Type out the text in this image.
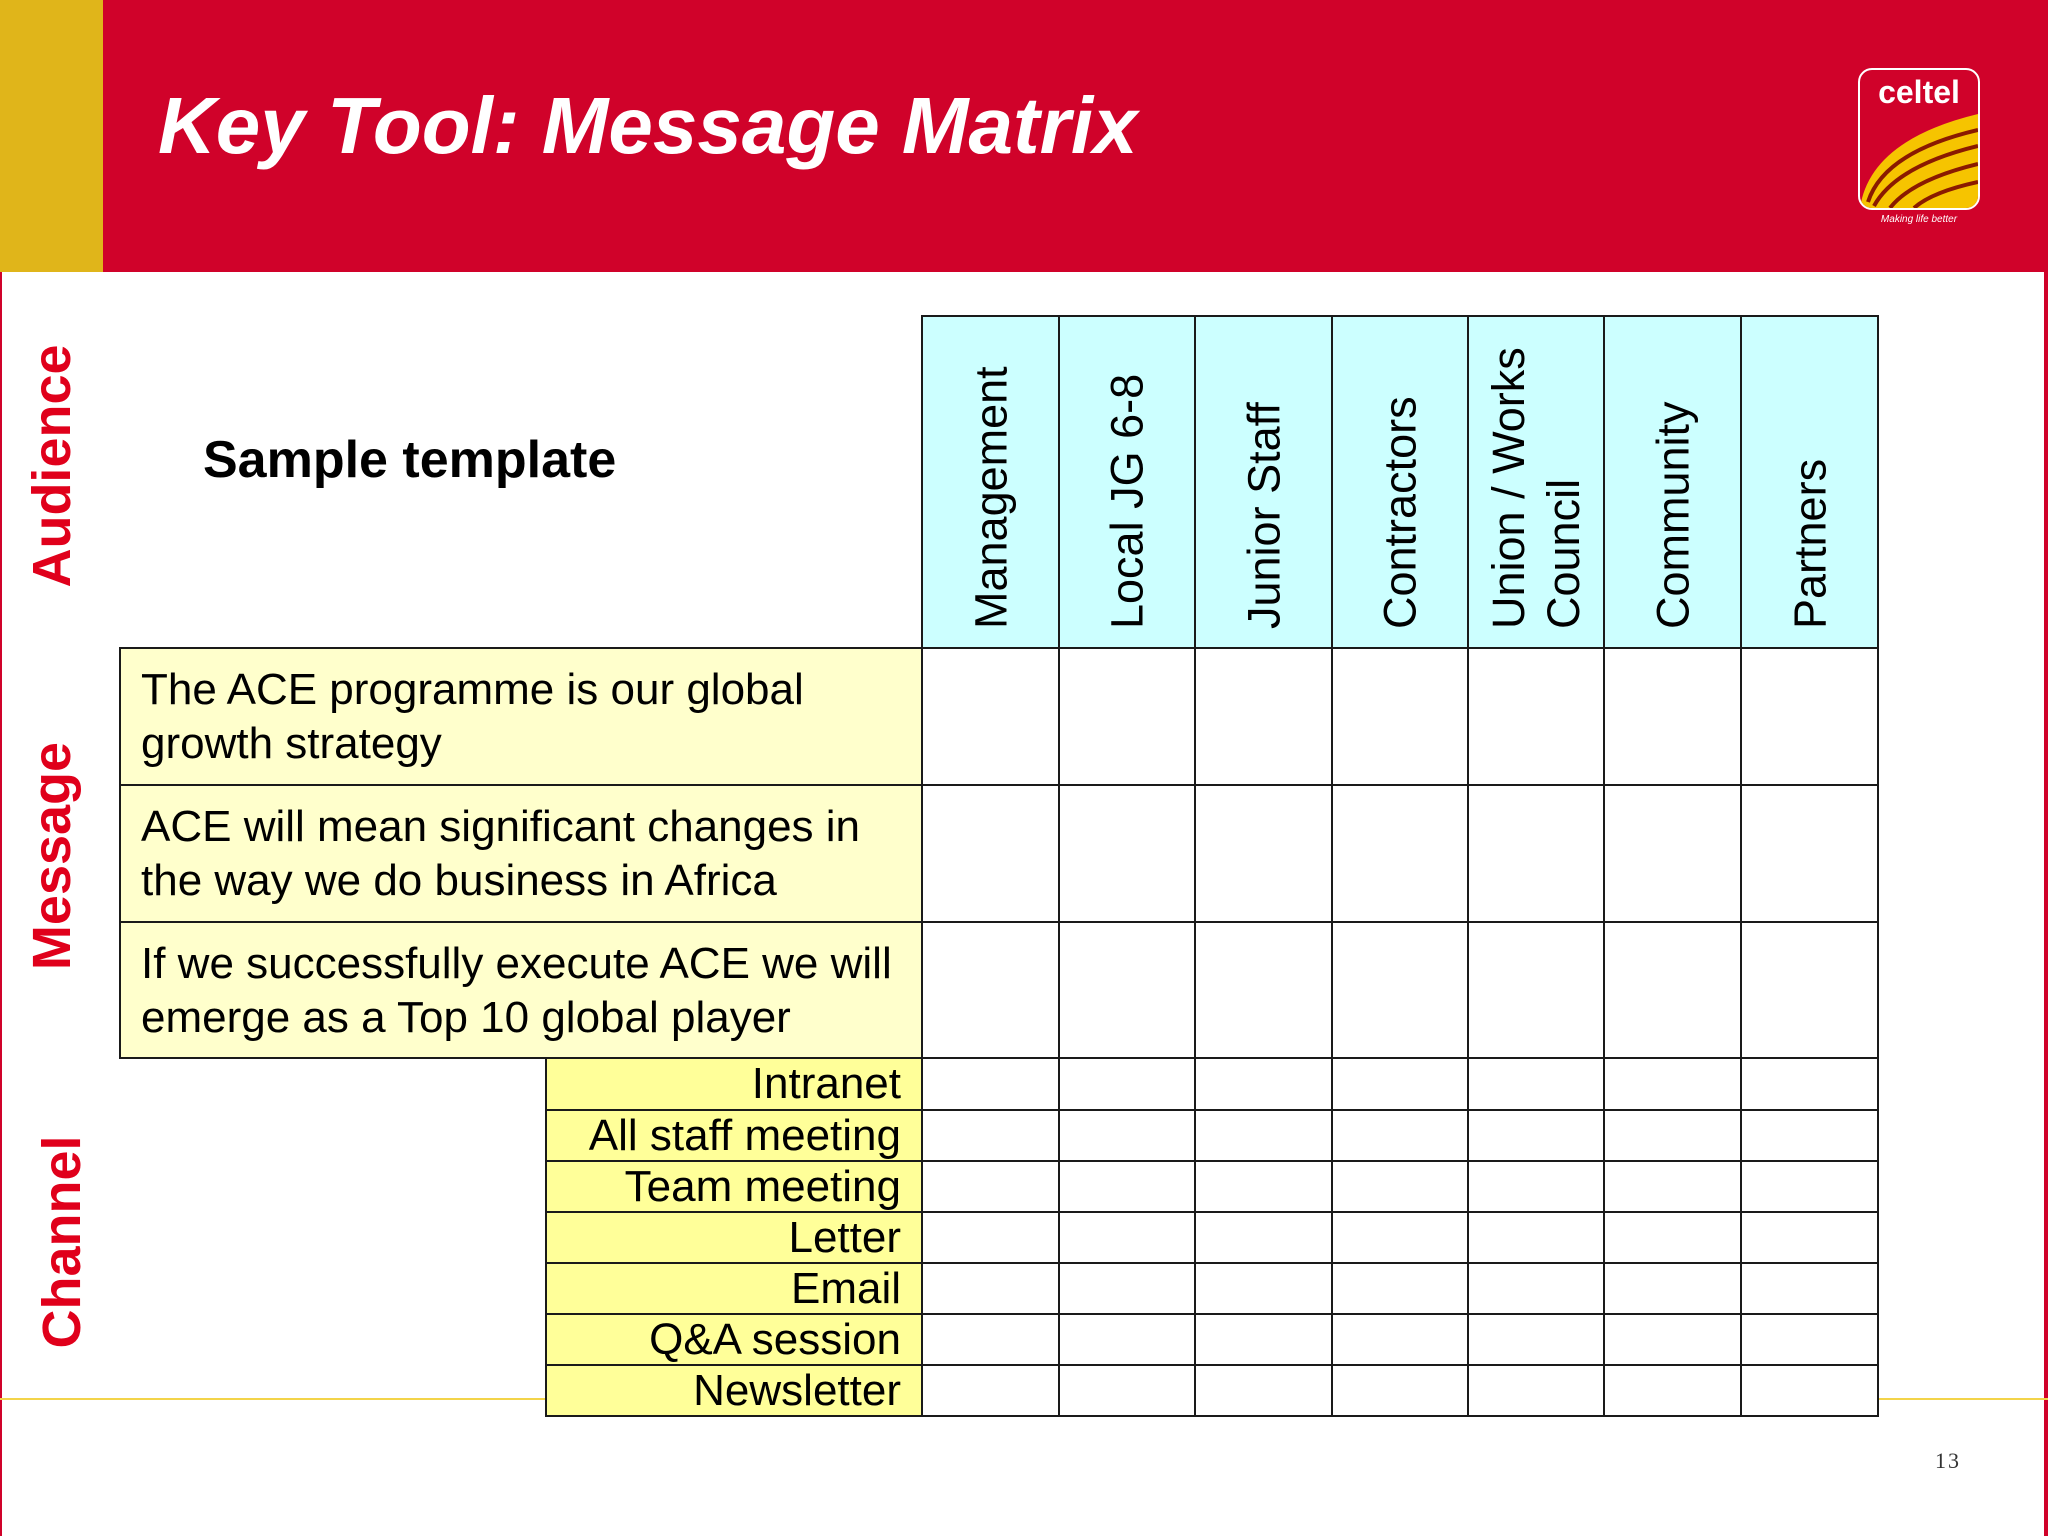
Key Tool: Message Matrix	celtel
Making life better
Audience
Message
Channel
Sample template	Management Local JG 6-8 Junior Staff Contractors Union / Works Council Community Partners
The ACE programme is our global growth strategy
ACE will mean significant changes in the way we do business in Africa
If we successfully execute ACE we will emerge as a Top 10 global player
Intranet
All staff meeting
Team meeting
Letter
Email
Q&A session
Newsletter
13
